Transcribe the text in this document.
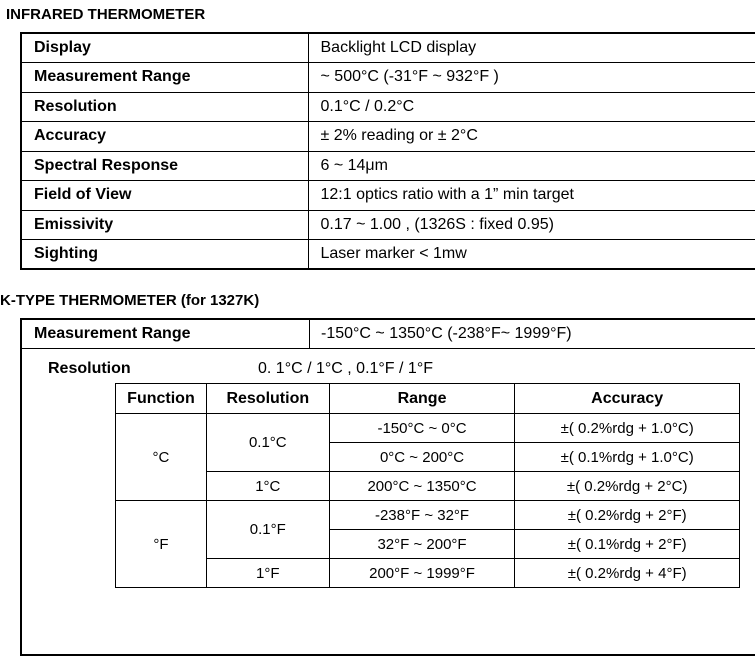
INFRARED THERMOMETER
Display	Backlight LCD display
Measurement Range	~ 500°C (-31°F ~ 932°F )
Resolution	0.1°C / 0.2°C
Accuracy	± 2% reading or ± 2°C
Spectral Response	6 ~ 14μm
Field of View	12:1 optics ratio with a 1” min target
Emissivity	0.17 ~ 1.00 , (1326S : fixed 0.95)
Sighting	Laser marker < 1mw
K-TYPE THERMOMETER (for 1327K)
Measurement Range	-150°C ~ 1350°C (-238°F~ 1999°F)
Resolution	0. 1°C / 1°C , 0.1°F / 1°F
Function	Resolution	Range	Accuracy
°C	0.1°C	-150°C ~ 0°C	±( 0.2%rdg + 1.0°C)
		0°C ~ 200°C	±( 0.1%rdg + 1.0°C)
	1°C	200°C ~ 1350°C	±( 0.2%rdg + 2°C)
°F	0.1°F	-238°F ~ 32°F	±( 0.2%rdg + 2°F)
		32°F ~ 200°F	±( 0.1%rdg + 2°F)
	1°F	200°F ~ 1999°F	±( 0.2%rdg + 4°F)
